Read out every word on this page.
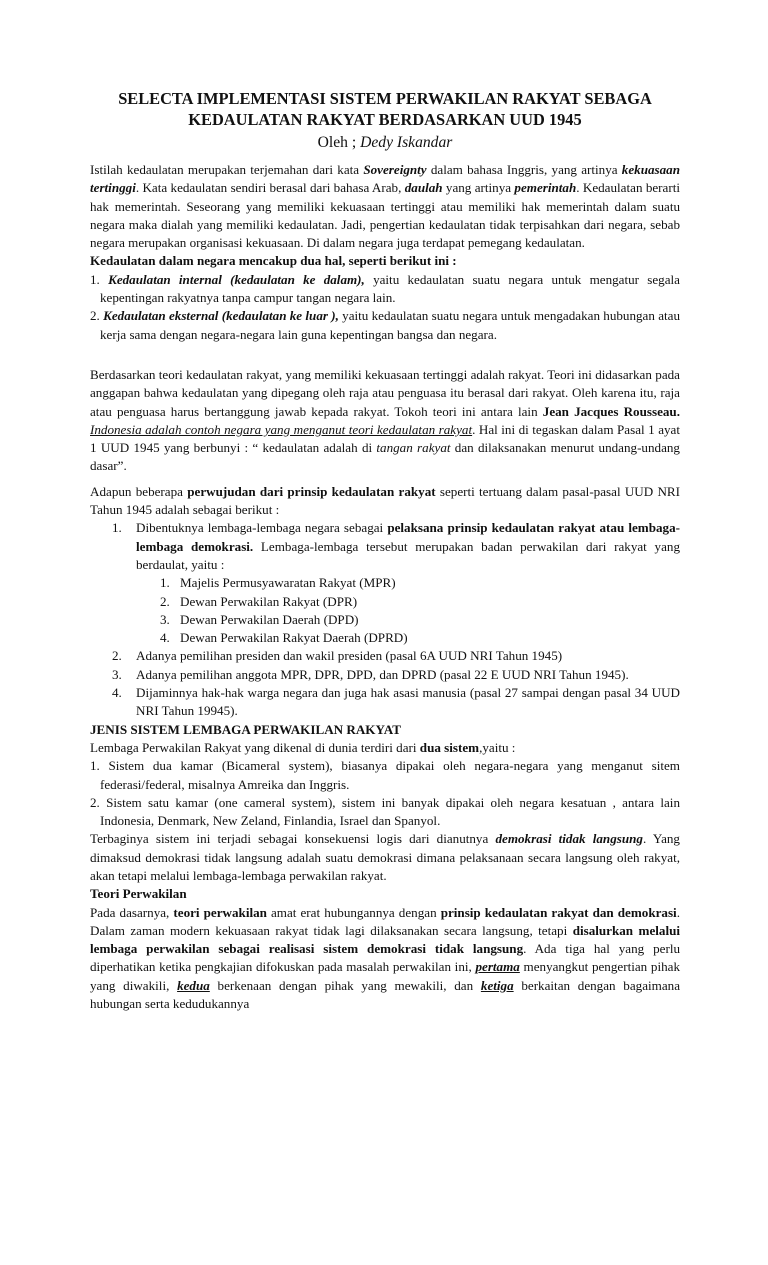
SELECTA IMPLEMENTASI SISTEM PERWAKILAN RAKYAT SEBAGA
KEDAULATAN RAKYAT BERDASARKAN UUD 1945
Oleh ; Dedy Iskandar

Istilah kedaulatan merupakan terjemahan dari kata Sovereignty dalam bahasa Inggris, yang artinya kekuasaan tertinggi. Kata kedaulatan sendiri berasal dari bahasa Arab, daulah yang artinya pemerintah. Kedaulatan berarti hak memerintah. Seseorang yang memiliki kekuasaan tertinggi atau memiliki hak memerintah dalam suatu negara maka dialah yang memiliki kedaulatan. Jadi, pengertian kedaulatan tidak terpisahkan dari negara, sebab negara merupakan organisasi kekuasaan. Di dalam negara juga terdapat pemegang kedaulatan.

Kedaulatan dalam negara mencakup dua hal, seperti berikut ini :

1. Kedaulatan internal (kedaulatan ke dalam), yaitu kedaulatan suatu negara untuk mengatur segala kepentingan rakyatnya tanpa campur tangan negara lain.
2. Kedaulatan eksternal (kedaulatan ke luar ), yaitu kedaulatan suatu negara untuk mengadakan hubungan atau kerja sama dengan negara-negara lain guna kepentingan bangsa dan negara.

Berdasarkan teori kedaulatan rakyat, yang memiliki kekuasaan tertinggi adalah rakyat. Teori ini didasarkan pada anggapan bahwa kedaulatan yang dipegang oleh raja atau penguasa itu berasal dari rakyat. Oleh karena itu, raja atau penguasa harus bertanggung jawab kepada rakyat. Tokoh teori ini antara lain Jean Jacques Rousseau. Indonesia adalah contoh negara yang menganut teori kedaulatan rakyat. Hal ini di tegaskan dalam Pasal 1 ayat 1 UUD 1945 yang berbunyi : “ kedaulatan adalah di tangan rakyat dan dilaksanakan menurut undang-undang dasar”.

Adapun beberapa perwujudan dari prinsip kedaulatan rakyat seperti tertuang dalam pasal-pasal UUD NRI Tahun 1945 adalah sebagai berikut :

1. Dibentuknya lembaga-lembaga negara sebagai pelaksana prinsip kedaulatan rakyat atau lembaga-lembaga demokrasi. Lembaga-lembaga tersebut merupakan badan perwakilan dari rakyat yang berdaulat, yaitu :
1. Majelis Permusyawaratan Rakyat (MPR)
2. Dewan Perwakilan Rakyat (DPR)
3. Dewan Perwakilan Daerah (DPD)
4. Dewan Perwakilan Rakyat Daerah (DPRD)
2. Adanya pemilihan presiden dan wakil presiden (pasal 6A UUD NRI Tahun 1945)
3. Adanya pemilihan anggota MPR, DPR, DPD, dan DPRD (pasal 22 E UUD NRI Tahun 1945).
4. Dijaminnya hak-hak warga negara dan juga hak asasi manusia (pasal 27 sampai dengan pasal 34 UUD NRI Tahun 19945).

JENIS SISTEM LEMBAGA PERWAKILAN RAKYAT

Lembaga Perwakilan Rakyat yang dikenal di dunia terdiri dari dua sistem,yaitu :

1. Sistem dua kamar (Bicameral system), biasanya dipakai oleh negara-negara yang menganut sitem federasi/federal, misalnya Amreika dan Inggris.
2. Sistem satu kamar (one cameral system), sistem ini banyak dipakai oleh negara kesatuan , antara lain Indonesia, Denmark, New Zeland, Finlandia, Israel dan Spanyol.

Terbaginya sistem ini terjadi sebagai konsekuensi logis dari dianutnya demokrasi tidak langsung. Yang dimaksud demokrasi tidak langsung adalah suatu demokrasi dimana pelaksanaan secara langsung oleh rakyat, akan tetapi melalui lembaga-lembaga perwakilan rakyat.

Teori Perwakilan

Pada dasarnya, teori perwakilan amat erat hubungannya dengan prinsip kedaulatan rakyat dan demokrasi. Dalam zaman modern kekuasaan rakyat tidak lagi dilaksanakan secara langsung, tetapi disalurkan melalui lembaga perwakilan sebagai realisasi sistem demokrasi tidak langsung. Ada tiga hal yang perlu diperhatikan ketika pengkajian difokuskan pada masalah perwakilan ini, pertama menyangkut pengertian pihak yang diwakili, kedua berkenaan dengan pihak yang mewakili, dan ketiga berkaitan dengan bagaimana hubungan serta kedudukannya
